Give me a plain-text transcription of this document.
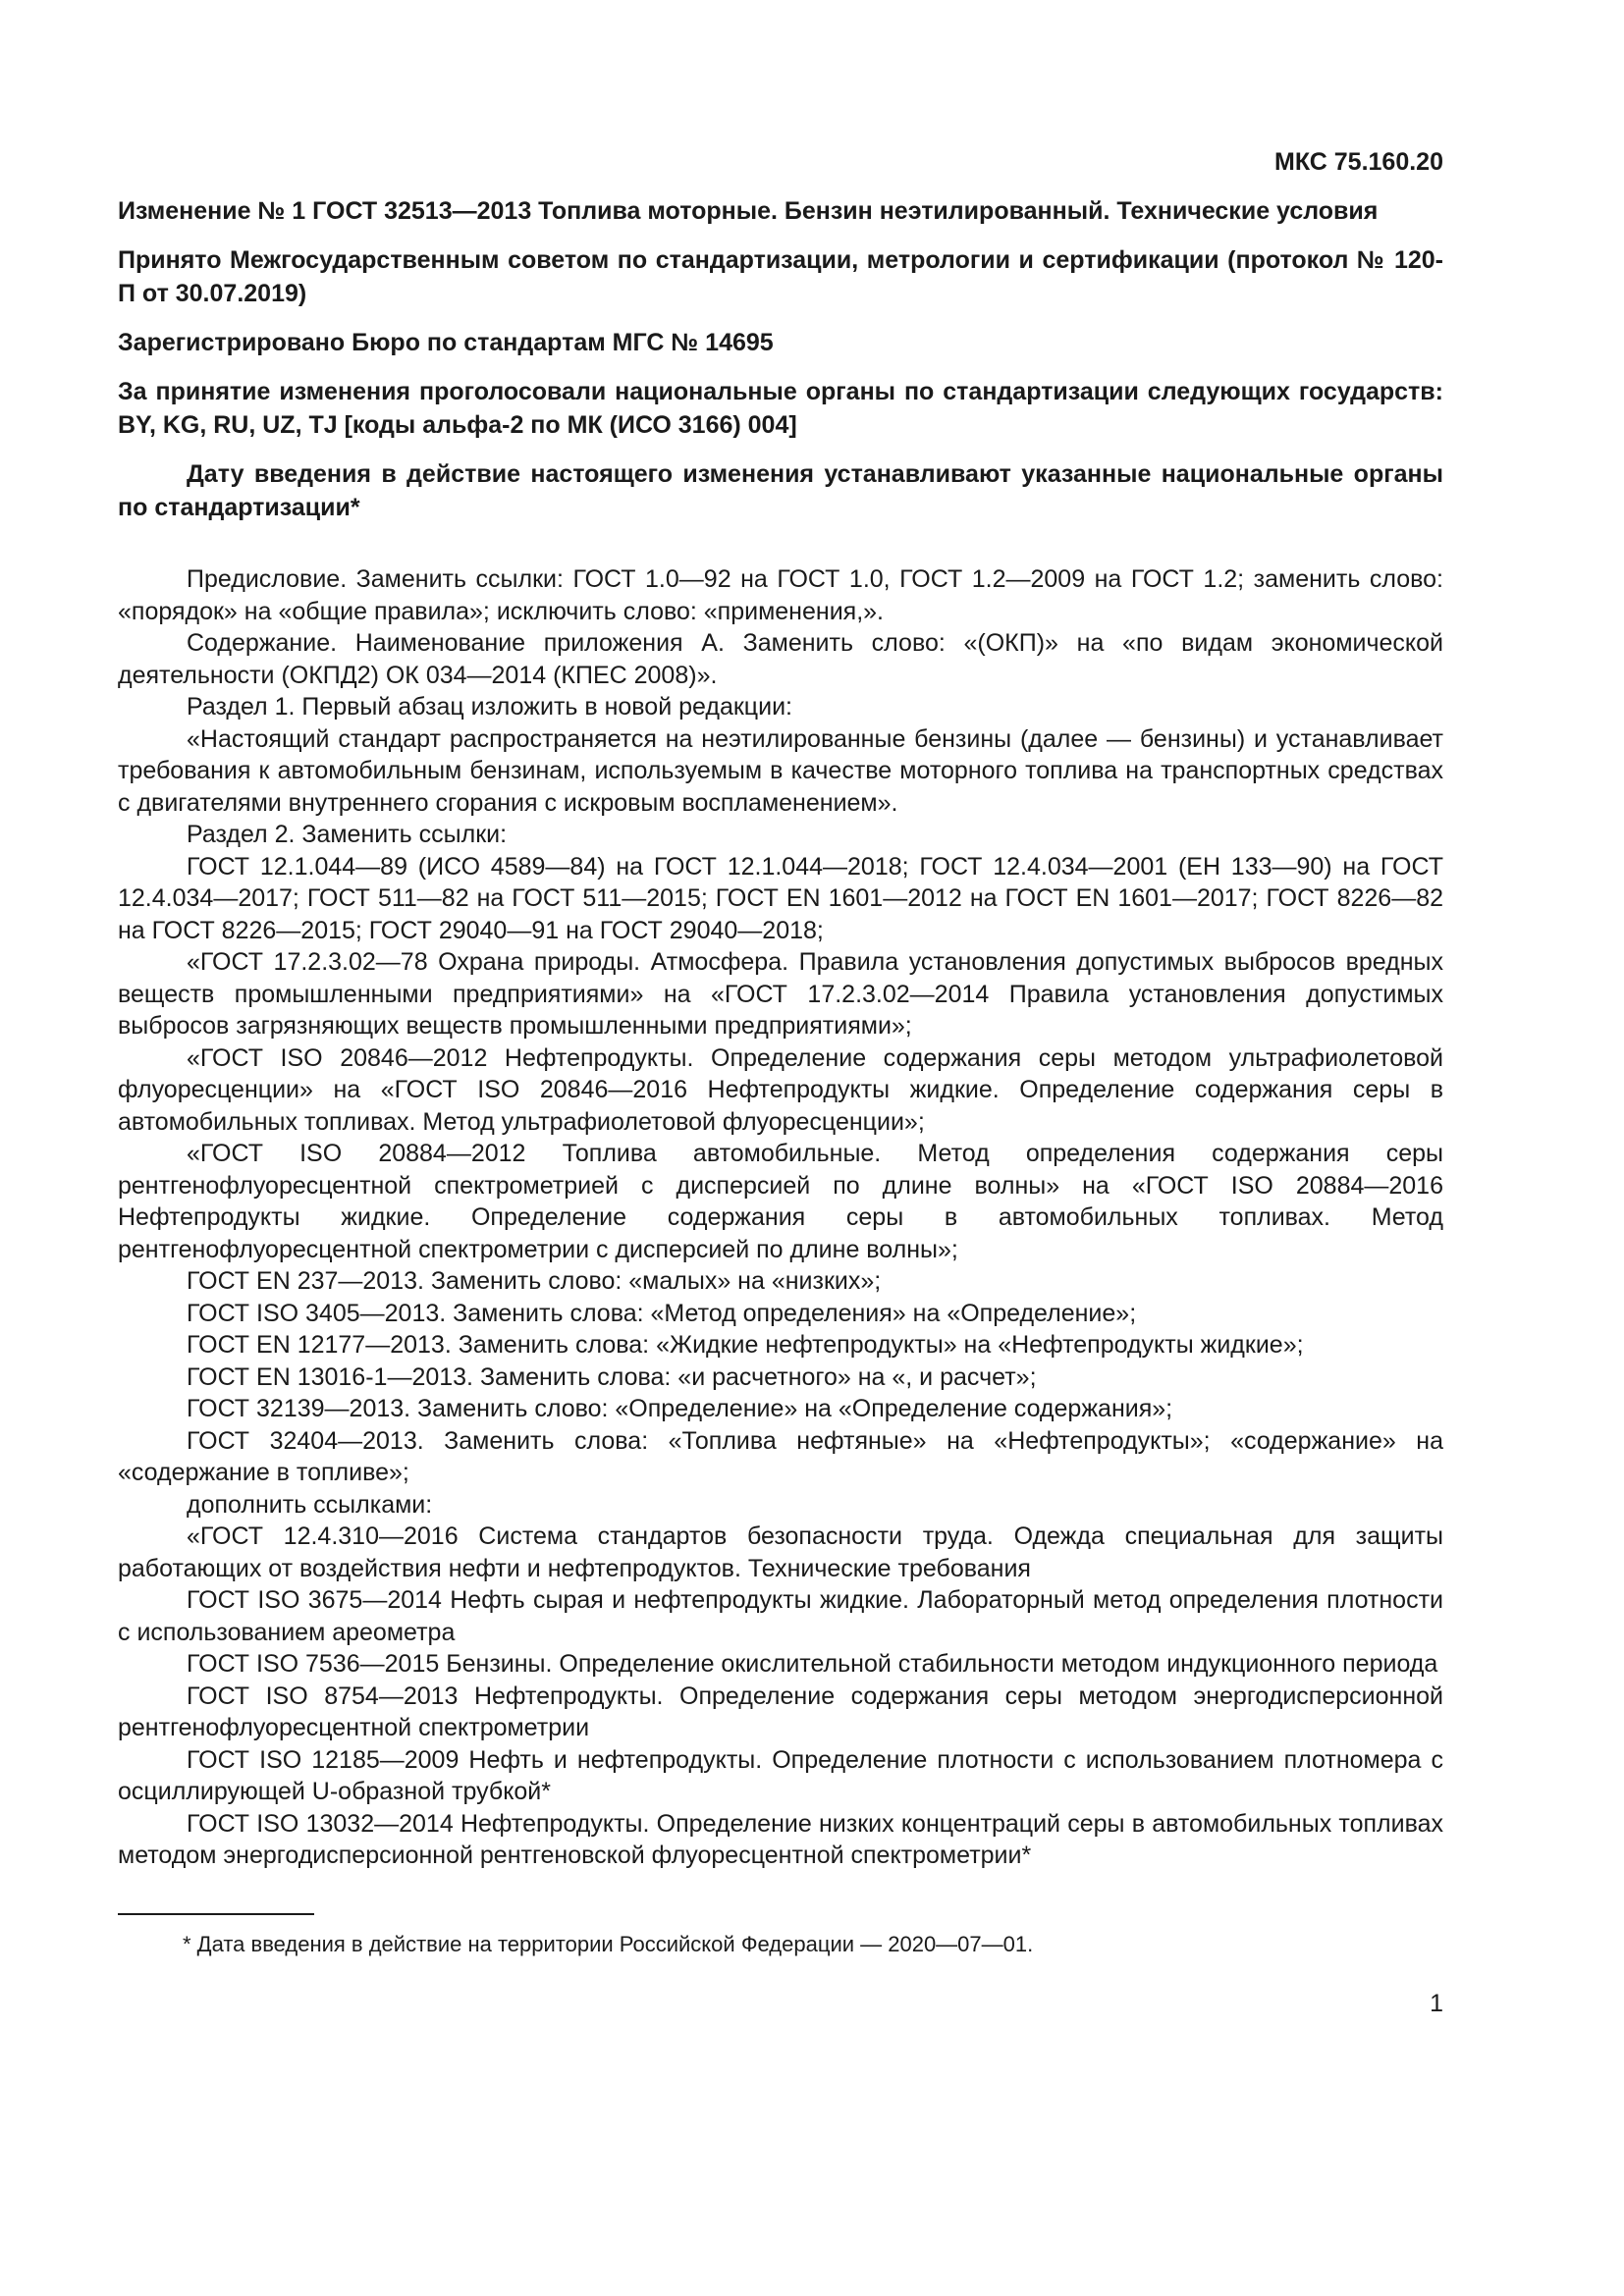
МКС 75.160.20

Изменение № 1 ГОСТ 32513—2013 Топлива моторные. Бензин неэтилированный. Технические условия

Принято Межгосударственным советом по стандартизации, метрологии и сертификации (протокол № 120-П от 30.07.2019)

Зарегистрировано Бюро по стандартам МГС № 14695

За принятие изменения проголосовали национальные органы по стандартизации следующих государств: BY, KG, RU, UZ, TJ [коды альфа-2 по МК (ИСО 3166) 004]

Дату введения в действие настоящего изменения устанавливают указанные национальные органы по стандартизации*

Предисловие. Заменить ссылки: ГОСТ 1.0—92 на ГОСТ 1.0, ГОСТ 1.2—2009 на ГОСТ 1.2; заменить слово: «порядок» на «общие правила»; исключить слово: «применения,».

Содержание. Наименование приложения А. Заменить слово: «(ОКП)» на «по видам экономической деятельности (ОКПД2) ОК 034—2014 (КПЕС 2008)».

Раздел 1. Первый абзац изложить в новой редакции:

«Настоящий стандарт распространяется на неэтилированные бензины (далее — бензины) и устанавливает требования к автомобильным бензинам, используемым в качестве моторного топлива на транспортных средствах с двигателями внутреннего сгорания с искровым воспламенением».

Раздел 2. Заменить ссылки:

ГОСТ 12.1.044—89 (ИСО 4589—84) на ГОСТ 12.1.044—2018; ГОСТ 12.4.034—2001 (ЕН 133—90) на ГОСТ 12.4.034—2017; ГОСТ 511—82 на ГОСТ 511—2015; ГОСТ EN 1601—2012 на ГОСТ EN 1601—2017; ГОСТ 8226—82 на ГОСТ 8226—2015; ГОСТ 29040—91 на ГОСТ 29040—2018;

«ГОСТ 17.2.3.02—78 Охрана природы. Атмосфера. Правила установления допустимых выбросов вредных веществ промышленными предприятиями» на «ГОСТ 17.2.3.02—2014 Правила установления допустимых выбросов загрязняющих веществ промышленными предприятиями»;

«ГОСТ ISO 20846—2012 Нефтепродукты. Определение содержания серы методом ультрафиолетовой флуоресценции» на «ГОСТ ISO 20846—2016 Нефтепродукты жидкие. Определение содержания серы в автомобильных топливах. Метод ультрафиолетовой флуоресценции»;

«ГОСТ ISO 20884—2012 Топлива автомобильные. Метод определения содержания серы рентгенофлуоресцентной спектрометрией с дисперсией по длине волны» на «ГОСТ ISO 20884—2016 Нефтепродукты жидкие. Определение содержания серы в автомобильных топливах. Метод рентгенофлуоресцентной спектрометрии с дисперсией по длине волны»;

ГОСТ EN 237—2013. Заменить слово: «малых» на «низких»;

ГОСТ ISO 3405—2013. Заменить слова: «Метод определения» на «Определение»;

ГОСТ EN 12177—2013. Заменить слова: «Жидкие нефтепродукты» на «Нефтепродукты жидкие»;

ГОСТ EN 13016-1—2013. Заменить слова: «и расчетного» на «, и расчет»;

ГОСТ 32139—2013. Заменить слово: «Определение» на «Определение содержания»;

ГОСТ 32404—2013. Заменить слова: «Топлива нефтяные» на «Нефтепродукты»; «содержание» на «содержание в топливе»;

дополнить ссылками:

«ГОСТ 12.4.310—2016 Система стандартов безопасности труда. Одежда специальная для защиты работающих от воздействия нефти и нефтепродуктов. Технические требования

ГОСТ ISO 3675—2014 Нефть сырая и нефтепродукты жидкие. Лабораторный метод определения плотности с использованием ареометра

ГОСТ ISO 7536—2015 Бензины. Определение окислительной стабильности методом индукционного периода

ГОСТ ISO 8754—2013 Нефтепродукты. Определение содержания серы методом энергодисперсионной рентгенофлуоресцентной спектрометрии

ГОСТ ISO 12185—2009 Нефть и нефтепродукты. Определение плотности с использованием плотномера с осциллирующей U-образной трубкой*

ГОСТ ISO 13032—2014 Нефтепродукты. Определение низких концентраций серы в автомобильных топливах методом энергодисперсионной рентгеновской флуоресцентной спектрометрии*

* Дата введения в действие на территории Российской Федерации — 2020—07—01.

1
